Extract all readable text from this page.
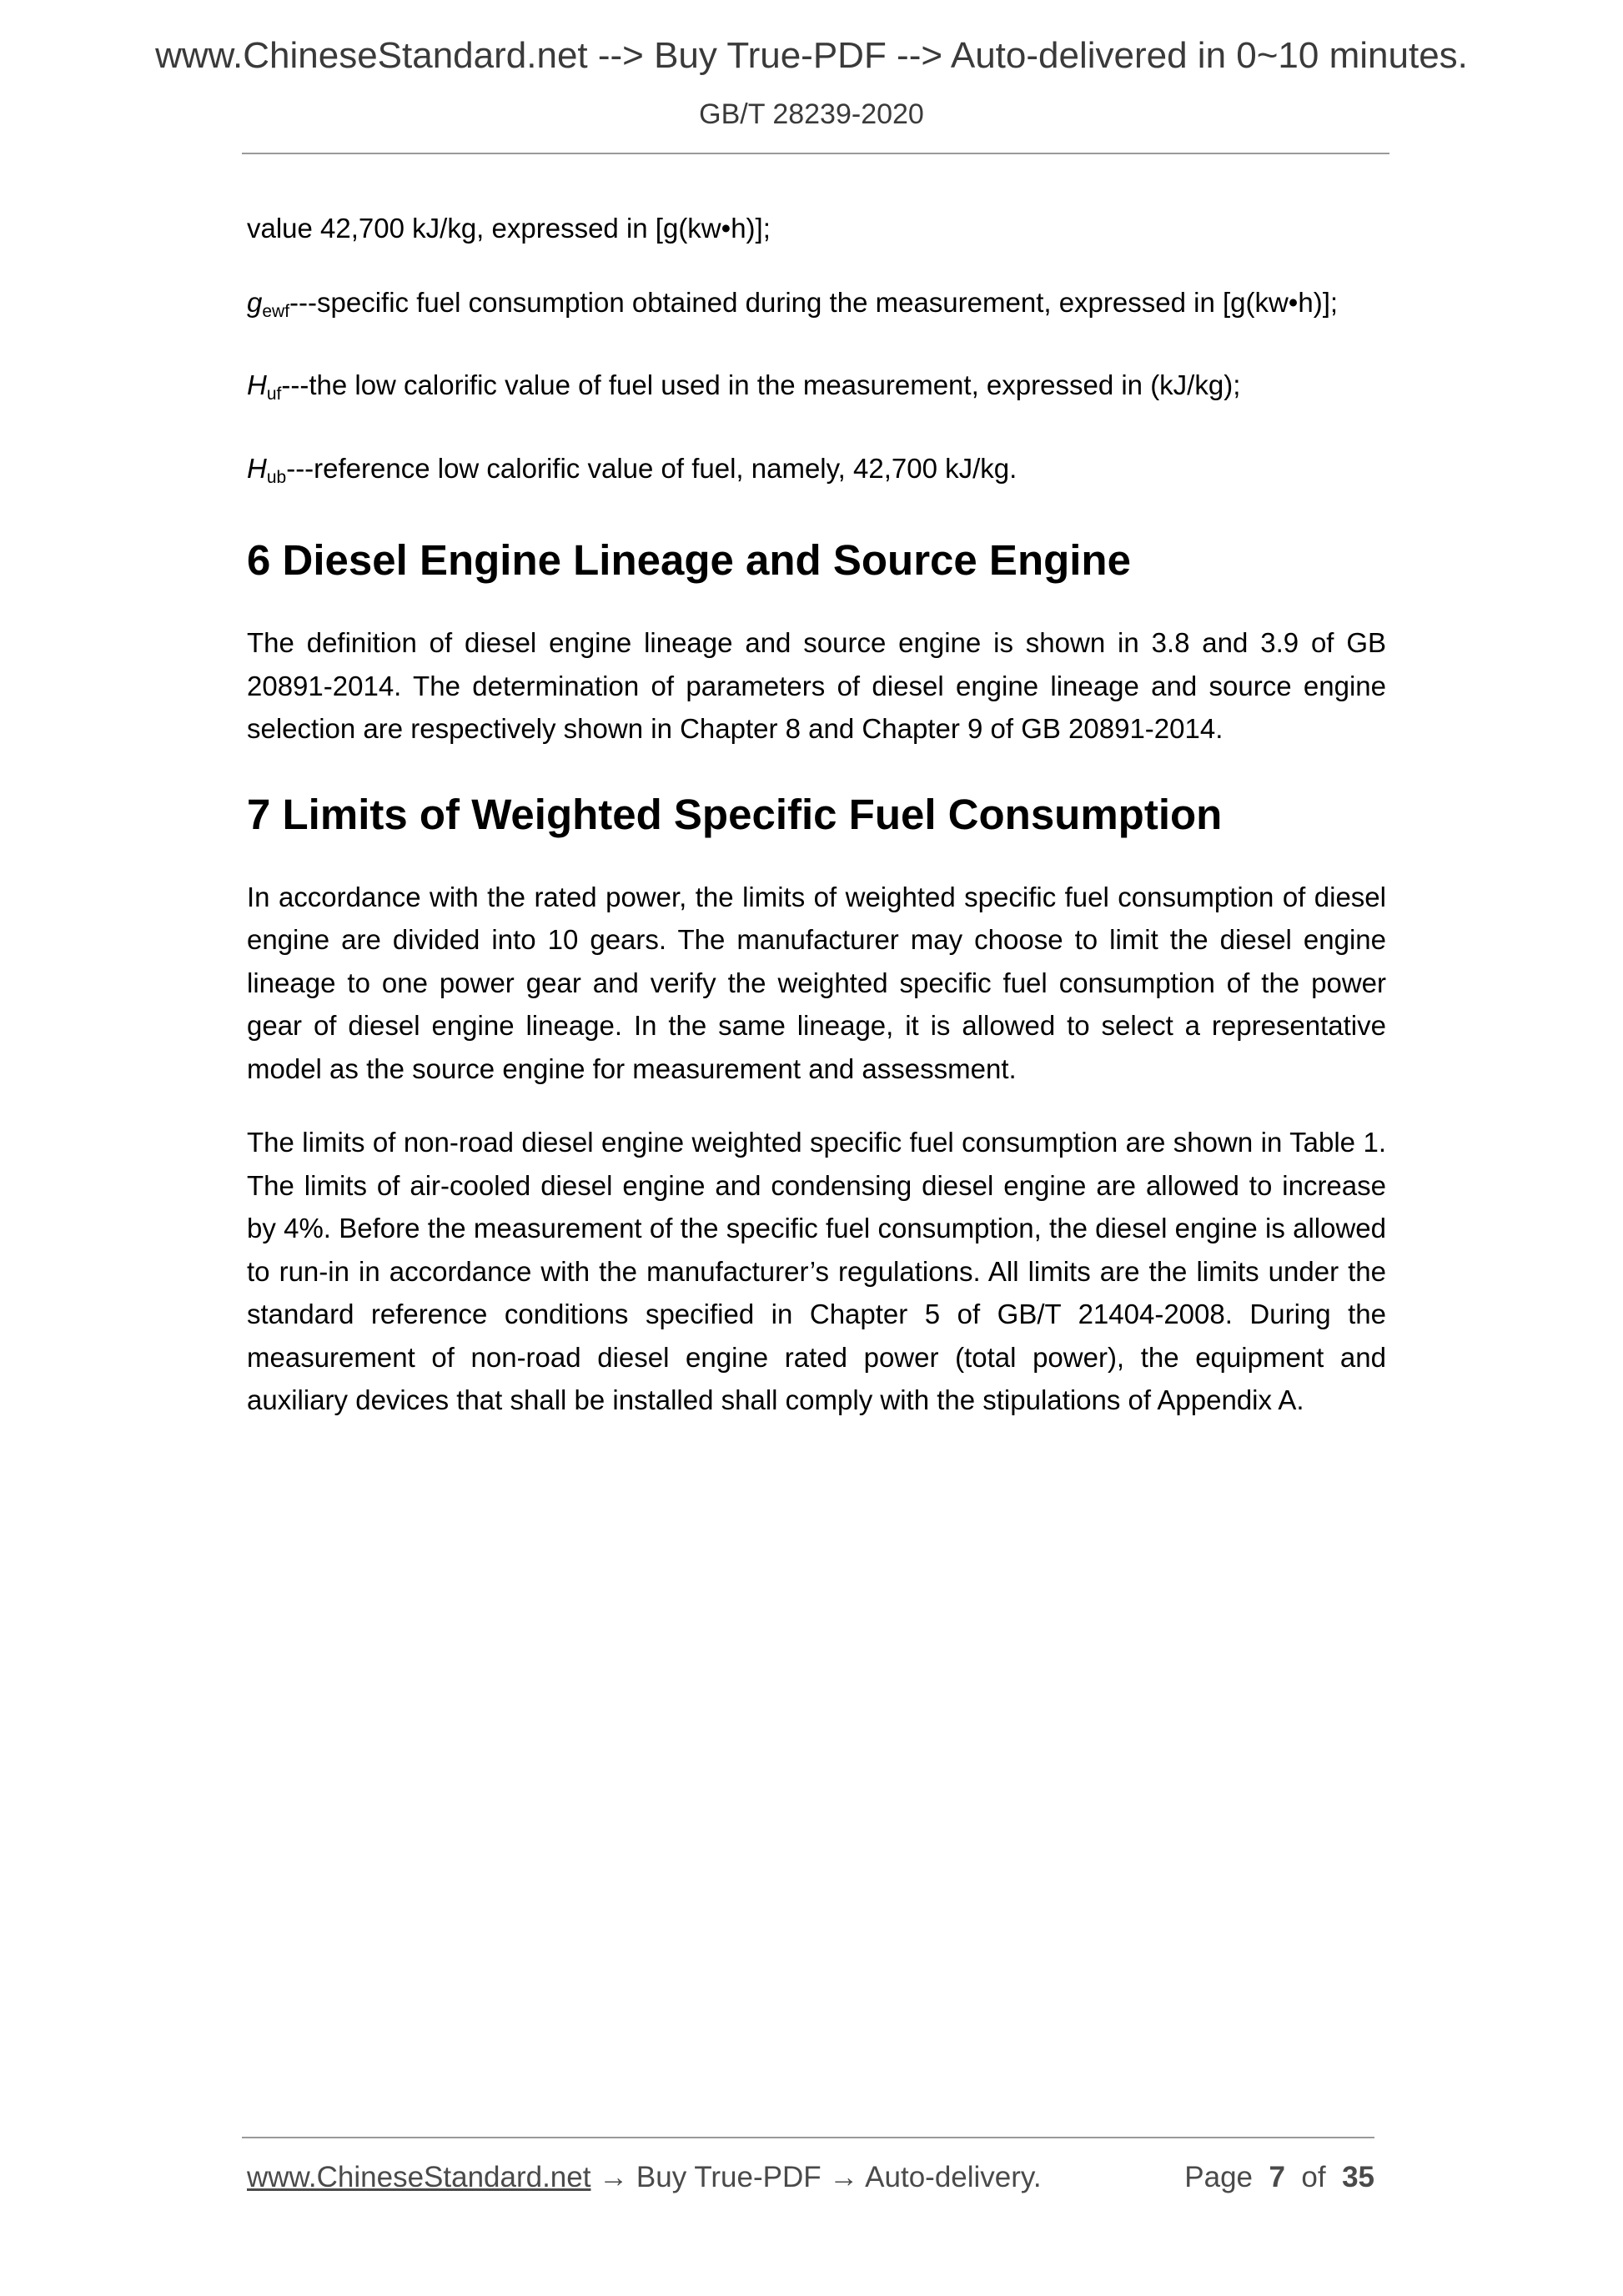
www.ChineseStandard.net --> Buy True-PDF --> Auto-delivered in 0~10 minutes.
GB/T 28239-2020

value 42,700 kJ/kg, expressed in [g(kw•h)];

$g_{ewf}--$-specific fuel consumption obtained during the measurement, expressed in [g(kw•h)];

$H_{uf}--$-the low calorific value of fuel used in the measurement, expressed in (kJ/kg);

$H_{ub}--$-reference low calorific value of fuel, namely, 42,700 kJ/kg.

6 Diesel Engine Lineage and Source Engine

The definition of diesel engine lineage and source engine is shown in 3.8 and 3.9 of GB 20891-2014. The determination of parameters of diesel engine lineage and source engine selection are respectively shown in Chapter 8 and Chapter 9 of GB 20891-2014.

7 Limits of Weighted Specific Fuel Consumption

In accordance with the rated power, the limits of weighted specific fuel consumption of diesel engine are divided into 10 gears. The manufacturer may choose to limit the diesel engine lineage to one power gear and verify the weighted specific fuel consumption of the power gear of diesel engine lineage. In the same lineage, it is allowed to select a representative model as the source engine for measurement and assessment.

The limits of non-road diesel engine weighted specific fuel consumption are shown in Table 1. The limits of air-cooled diesel engine and condensing diesel engine are allowed to increase by 4%. Before the measurement of the specific fuel consumption, the diesel engine is allowed to run-in in accordance with the manufacturer’s regulations. All limits are the limits under the standard reference conditions specified in Chapter 5 of GB/T 21404-2008. During the measurement of non-road diesel engine rated power (total power), the equipment and auxiliary devices that shall be installed shall comply with the stipulations of Appendix A.

www.ChineseStandard.net → Buy True-PDF → Auto-delivery.	Page 7 of 35
